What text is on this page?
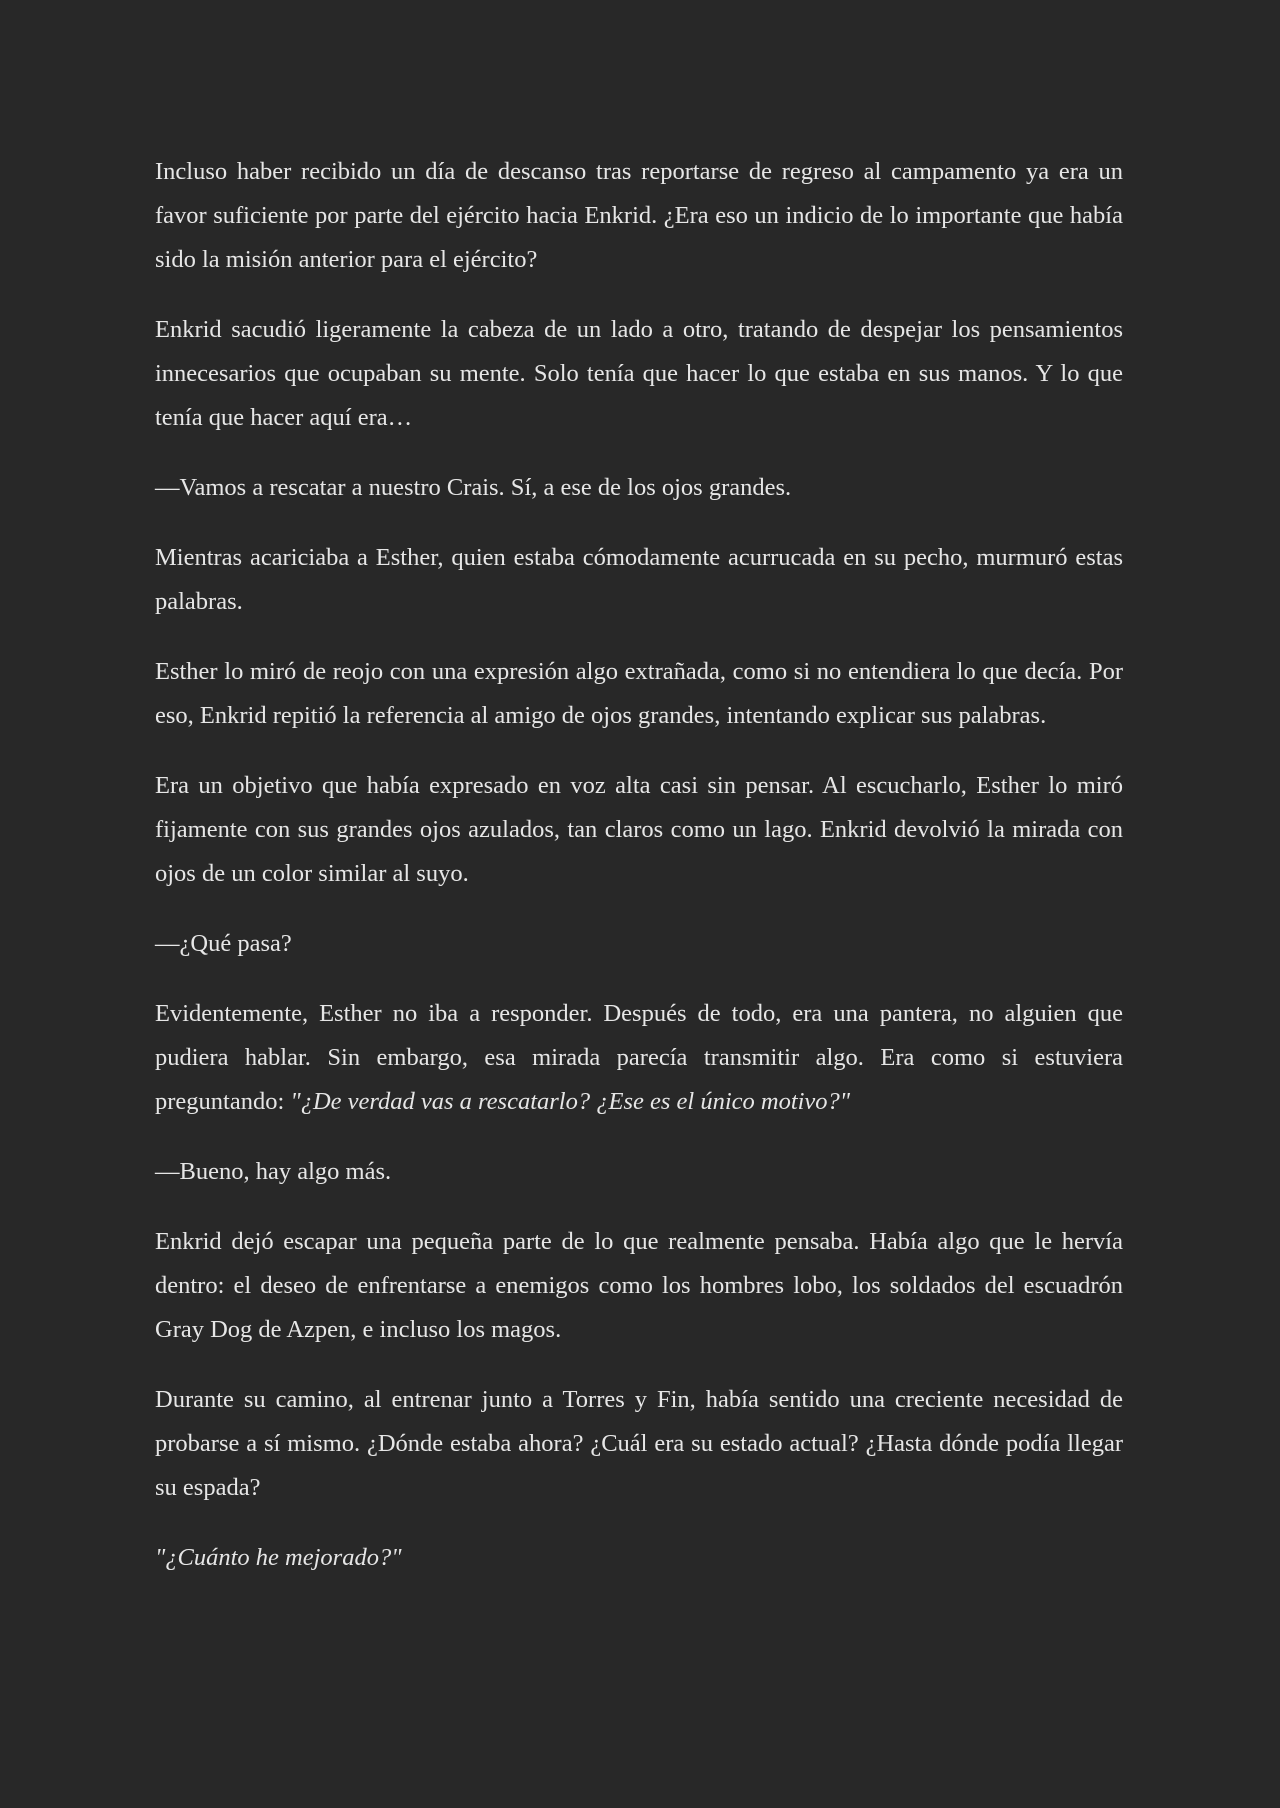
Incluso haber recibido un día de descanso tras reportarse de regreso al campamento ya era un favor suficiente por parte del ejército hacia Enkrid. ¿Era eso un indicio de lo importante que había sido la misión anterior para el ejército?

Enkrid sacudió ligeramente la cabeza de un lado a otro, tratando de despejar los pensamientos innecesarios que ocupaban su mente. Solo tenía que hacer lo que estaba en sus manos. Y lo que tenía que hacer aquí era…

—Vamos a rescatar a nuestro Crais. Sí, a ese de los ojos grandes.

Mientras acariciaba a Esther, quien estaba cómodamente acurrucada en su pecho, murmuró estas palabras.

Esther lo miró de reojo con una expresión algo extrañada, como si no entendiera lo que decía. Por eso, Enkrid repitió la referencia al amigo de ojos grandes, intentando explicar sus palabras.

Era un objetivo que había expresado en voz alta casi sin pensar. Al escucharlo, Esther lo miró fijamente con sus grandes ojos azulados, tan claros como un lago. Enkrid devolvió la mirada con ojos de un color similar al suyo.

—¿Qué pasa?

Evidentemente, Esther no iba a responder. Después de todo, era una pantera, no alguien que pudiera hablar. Sin embargo, esa mirada parecía transmitir algo. Era como si estuviera preguntando: "¿De verdad vas a rescatarlo? ¿Ese es el único motivo?"

—Bueno, hay algo más.

Enkrid dejó escapar una pequeña parte de lo que realmente pensaba. Había algo que le hervía dentro: el deseo de enfrentarse a enemigos como los hombres lobo, los soldados del escuadrón Gray Dog de Azpen, e incluso los magos.

Durante su camino, al entrenar junto a Torres y Fin, había sentido una creciente necesidad de probarse a sí mismo. ¿Dónde estaba ahora? ¿Cuál era su estado actual? ¿Hasta dónde podía llegar su espada?

"¿Cuánto he mejorado?"
